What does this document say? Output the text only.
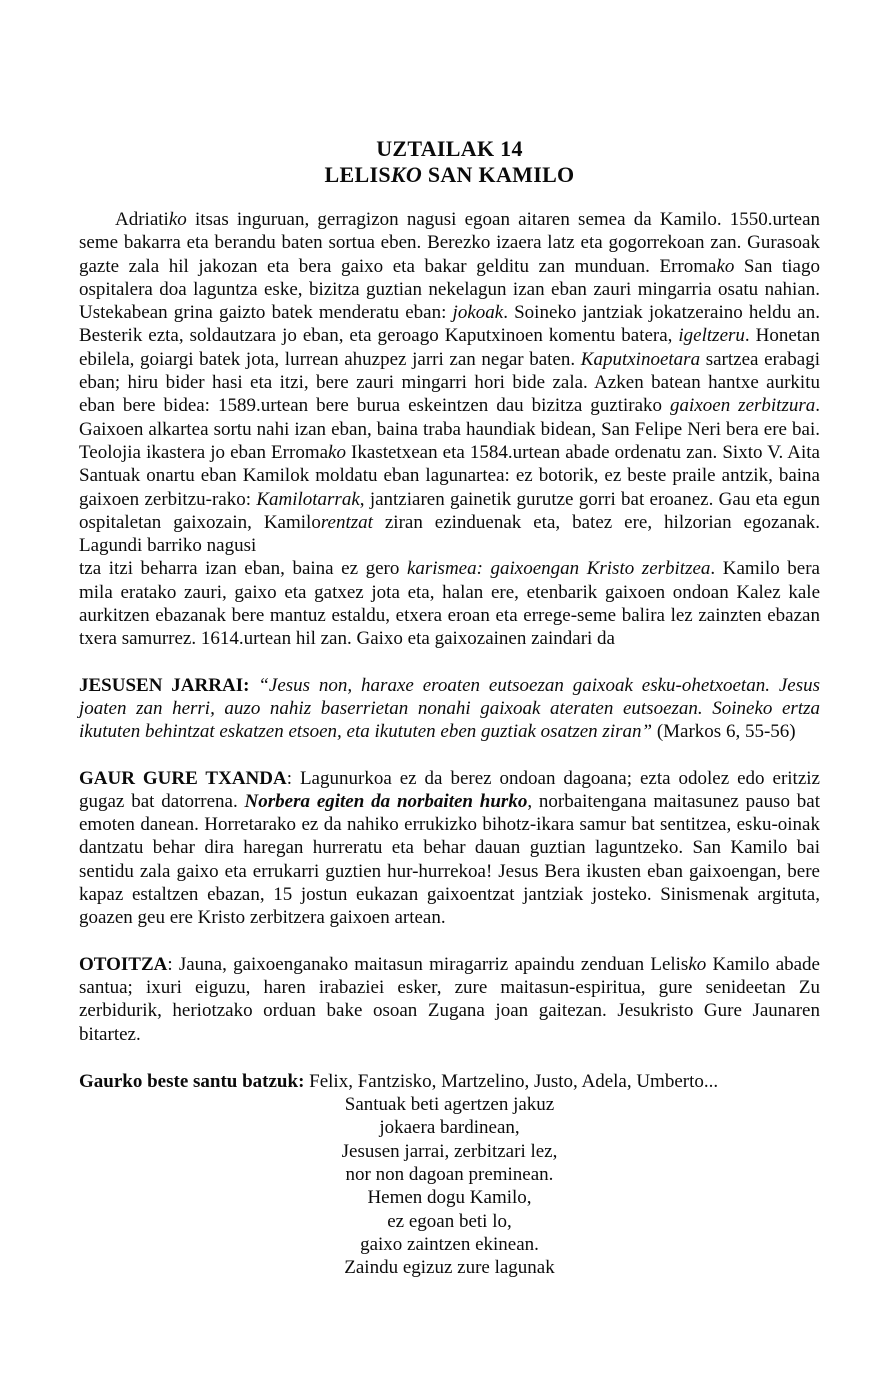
UZTAILAK 14
LELISKO SAN KAMILO

Adriatiko itsas inguruan, gerragizon nagusi egoan aitaren semea da Kamilo. 1550.urtean seme bakarra eta berandu baten sortua eben. Berezko izaera latz eta gogorrekoan zan. Gurasoak gazte zala hil jakozan eta bera gaixo eta bakar gelditu zan munduan. Erromako San tiago ospitalera doa laguntza eske, bizitza guztian nekelagun izan eban zauri mingarria osatu nahian. Ustekabean grina gaizto batek menderatu eban: jokoak. Soineko jantziak jokatzeraino heldu an. Besterik ezta, soldautzara jo eban, eta geroago Kaputxinoen komentu batera, igeltzeru. Honetan ebilela, goiargi batek jota, lurrean ahuzpez jarri zan negar baten. Kaputxinoetara sartzea erabagi eban; hiru bider hasi eta itzi, bere zauri mingarri hori bide zala. Azken batean hantxe aurkitu eban bere bidea: 1589.urtean bere burua eskeintzen dau bizitza guztirako gaixoen zerbitzura. Gaixoen alkartea sortu nahi izan eban, baina traba haundiak bidean, San Felipe Neri bera ere bai. Teolojia ikastera jo eban Erromako Ikastetxean eta 1584.urtean abade ordenatu zan. Sixto V. Aita Santuak onartu eban Kamilok moldatu eban lagunartea: ez botorik, ez beste praile antzik, baina gaixoen zerbitzu-rako: Kamilotarrak, jantziaren gainetik gurutze gorri bat eroanez. Gau eta egun ospitaletan gaixozain, Kamilorentzat ziran ezinduenak eta, batez ere, hilzorian egozanak. Lagundi barriko nagusi
tza itzi beharra izan eban, baina ez gero karismea: gaixoengan Kristo zerbitzea. Kamilo bera mila eratako zauri, gaixo eta gatxez jota eta, halan ere, etenbarik gaixoen ondoan Kalez kale aurkitzen ebazanak bere mantuz estaldu, etxera eroan eta errege-seme balira lez zainzten ebazan txera samurrez. 1614.urtean hil zan. Gaixo eta gaixozainen zaindari da

JESUSEN JARRAI: “Jesus non, haraxe eroaten eutsoezan gaixoak esku-ohetxoetan. Jesus joaten zan herri, auzo nahiz baserrietan nonahi gaixoak ateraten eutsoezan. Soineko ertza ikututen behintzat eskatzen etsoen, eta ikututen eben guztiak osatzen ziran” (Markos 6, 55-56)

GAUR GURE TXANDA: Lagunurkoa ez da berez ondoan dagoana; ezta odolez edo eritziz gugaz bat datorrena. Norbera egiten da norbaiten hurko, norbaitengana maitasunez pauso bat emoten danean. Horretarako ez da nahiko errukizko bihotz-ikara samur bat sentitzea, esku-oinak dantzatu behar dira haregan hurreratu eta behar dauan guztian laguntzeko. San Kamilo bai sentidu zala gaixo eta errukarri guztien hur-hurrekoa! Jesus Bera ikusten eban gaixoengan, bere kapaz estaltzen ebazan, 15 jostun eukazan gaixoentzat jantziak josteko. Sinismenak argituta, goazen geu ere Kristo zerbitzera gaixoen artean.

OTOITZA: Jauna, gaixoenganako maitasun miragarriz apaindu zenduan Lelisko Kamilo abade santua; ixuri eiguzu, haren irabaziei esker, zure maitasun-espiritua, gure senideetan Zu zerbidurik, heriotzako orduan bake osoan Zugana joan gaitezan. Jesukristo Gure Jaunaren bitartez.

Gaurko beste santu batzuk: Felix, Fantzisko, Martzelino, Justo, Adela, Umberto...

Santuak beti agertzen jakuz
jokaera bardinean,
Jesusen jarrai, zerbitzari lez,
nor non dagoan preminean.
Hemen dogu Kamilo,
ez egoan beti lo,
gaixo zaintzen ekinean.
Zaindu egizuz zure lagunak
